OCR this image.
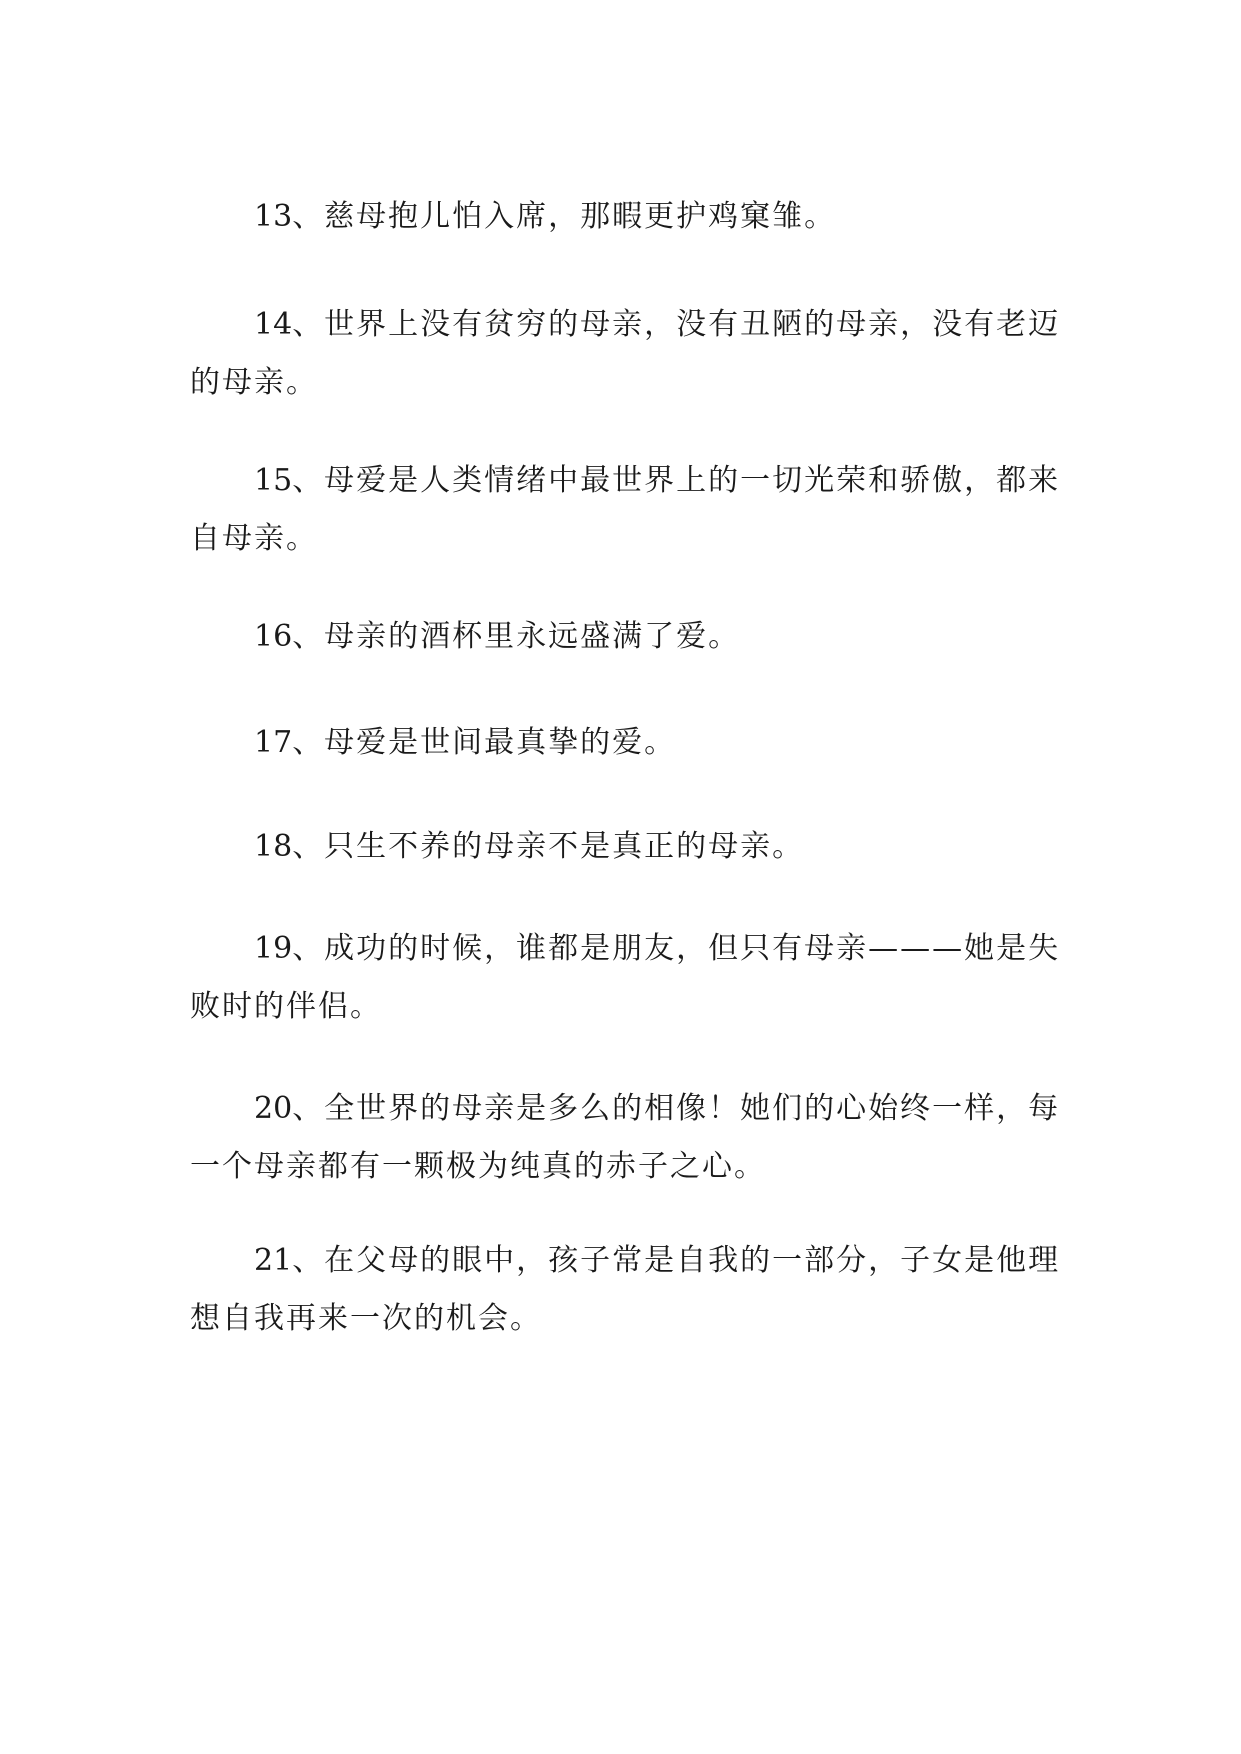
13、慈母抱儿怕入席，那暇更护鸡窠雏。

14、世界上没有贫穷的母亲，没有丑陋的母亲，没有老迈的母亲。

15、母爱是人类情绪中最世界上的一切光荣和骄傲，都来自母亲。

16、母亲的酒杯里永远盛满了爱。

17、母爱是世间最真挚的爱。

18、只生不养的母亲不是真正的母亲。

19、成功的时候，谁都是朋友，但只有母亲———她是失败时的伴侣。

20、全世界的母亲是多么的相像！她们的心始终一样，每一个母亲都有一颗极为纯真的赤子之心。

21、在父母的眼中，孩子常是自我的一部分，子女是他理想自我再来一次的机会。
